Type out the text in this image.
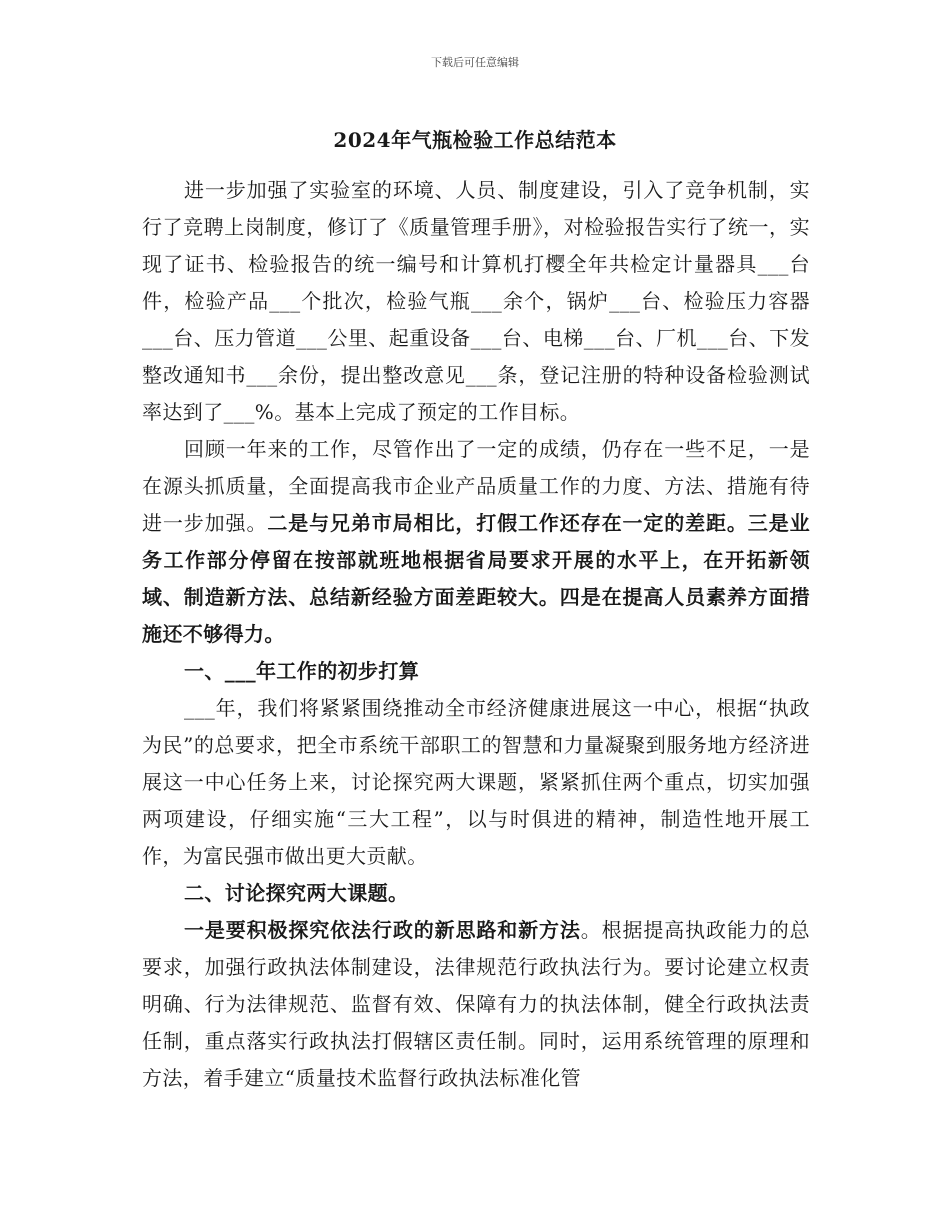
下载后可任意编辑
2024年气瓶检验工作总结范本

进一步加强了实验室的环境、人员、制度建设，引入了竞争机制，实行了竞聘上岗制度，修订了《质量管理手册》，对检验报告实行了统一，实现了证书、检验报告的统一编号和计算机打樱全年共检定计量器具___台件，检验产品___个批次，检验气瓶___余个，锅炉___台、检验压力容器___台、压力管道___公里、起重设备___台、电梯___台、厂机___台、下发整改通知书___余份，提出整改意见___条，登记注册的特种设备检验测试率达到了___%。基本上完成了预定的工作目标。

回顾一年来的工作，尽管作出了一定的成绩，仍存在一些不足，一是在源头抓质量，全面提高我市企业产品质量工作的力度、方法、措施有待进一步加强。二是与兄弟市局相比，打假工作还存在一定的差距。三是业务工作部分停留在按部就班地根据省局要求开展的水平上，在开拓新领域、制造新方法、总结新经验方面差距较大。四是在提高人员素养方面措施还不够得力。

一、___年工作的初步打算

___年，我们将紧紧围绕推动全市经济健康进展这一中心，根据“执政为民”的总要求，把全市系统干部职工的智慧和力量凝聚到服务地方经济进展这一中心任务上来，讨论探究两大课题，紧紧抓住两个重点，切实加强两项建设，仔细实施“三大工程”，以与时俱进的精神，制造性地开展工作，为富民强市做出更大贡献。

二、讨论探究两大课题。

一是要积极探究依法行政的新思路和新方法。根据提高执政能力的总要求，加强行政执法体制建设，法律规范行政执法行为。要讨论建立权责明确、行为法律规范、监督有效、保障有力的执法体制，健全行政执法责任制，重点落实行政执法打假辖区责任制。同时，运用系统管理的原理和方法，着手建立“质量技术监督行政执法标准化管
